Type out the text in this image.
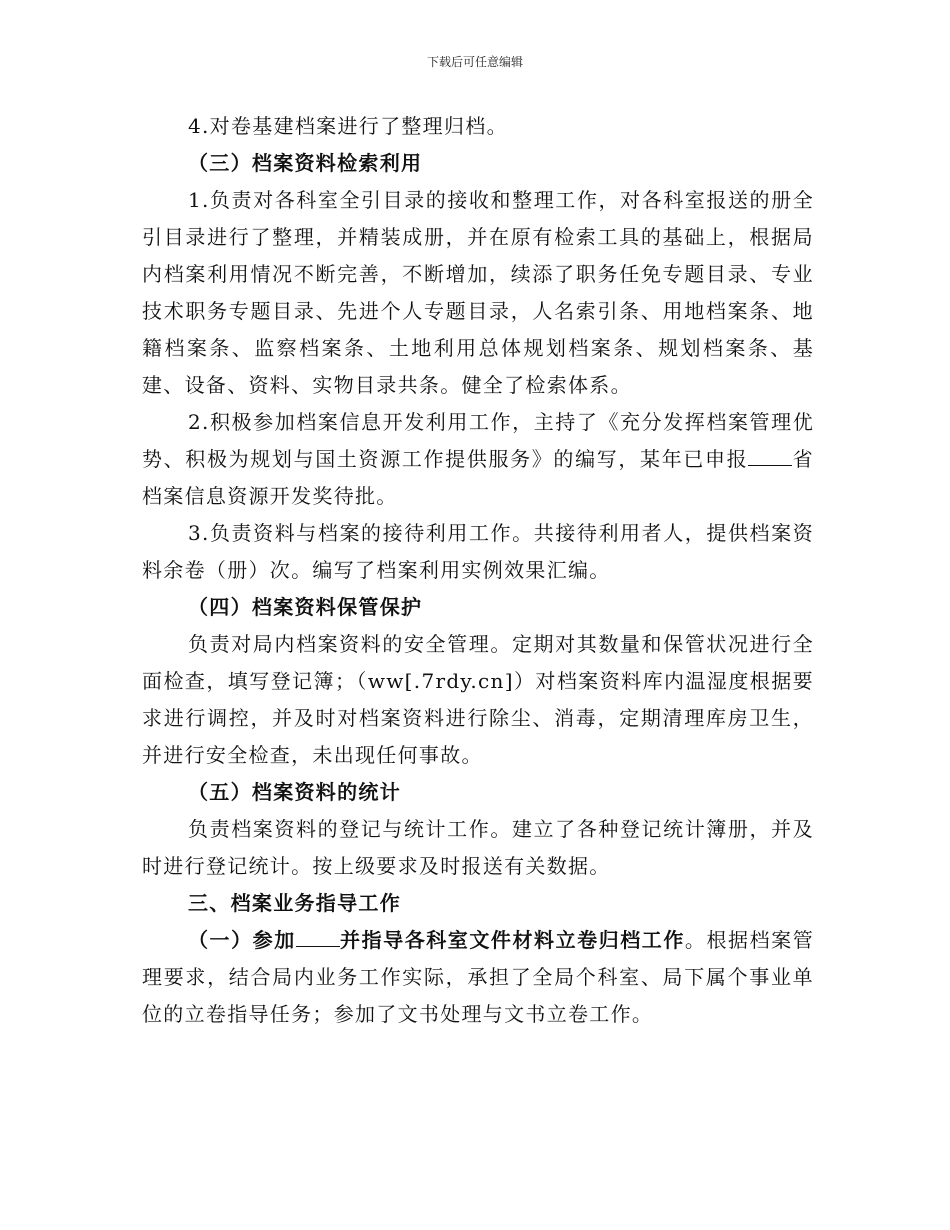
下载后可任意编辑

4.对卷基建档案进行了整理归档。

（三）档案资料检索利用

1.负责对各科室全引目录的接收和整理工作，对各科室报送的册全引目录进行了整理，并精装成册，并在原有检索工具的基础上，根据局内档案利用情况不断完善，不断增加，续添了职务任免专题目录、专业技术职务专题目录、先进个人专题目录，人名索引条、用地档案条、地籍档案条、监察档案条、土地利用总体规划档案条、规划档案条、基建、设备、资料、实物目录共条。健全了检索体系。

2.积极参加档案信息开发利用工作，主持了《充分发挥档案管理优势、积极为规划与国土资源工作提供服务》的编写，某年已申报 省档案信息资源开发奖待批。

3.负责资料与档案的接待利用工作。共接待利用者人，提供档案资料余卷（册）次。编写了档案利用实例效果汇编。

（四）档案资料保管保护

负责对局内档案资料的安全管理。定期对其数量和保管状况进行全面检查，填写登记簿；（ww[.7rdy.cn]）对档案资料库内温湿度根据要求进行调控，并及时对档案资料进行除尘、消毒，定期清理库房卫生，并进行安全检查，未出现任何事故。

（五）档案资料的统计

负责档案资料的登记与统计工作。建立了各种登记统计簿册，并及时进行登记统计。按上级要求及时报送有关数据。

三、档案业务指导工作

（一）参加 并指导各科室文件材料立卷归档工作。根据档案管理要求，结合局内业务工作实际，承担了全局个科室、局下属个事业单位的立卷指导任务；参加了文书处理与文书立卷工作。
